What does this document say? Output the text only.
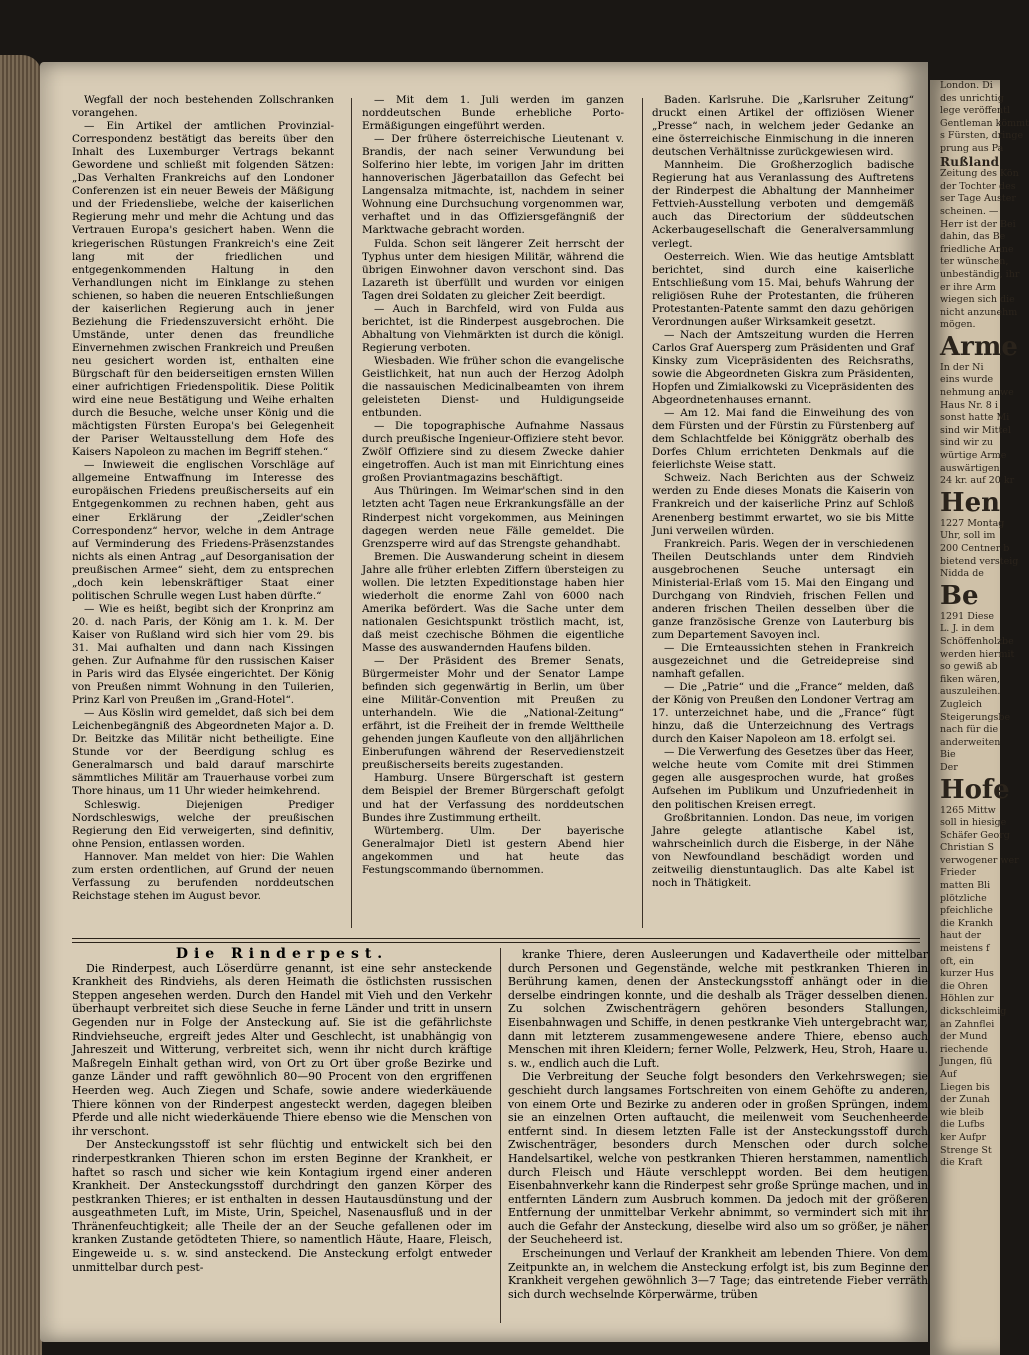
Wegfall der noch bestehenden Zollschranken vorangehen.

— Ein Artikel der amtlichen Provinzial-Correspondenz bestätigt das bereits über den Inhalt des Luxemburger Vertrags bekannt Gewordene und schließt mit folgenden Sätzen: „Das Verhalten Frankreichs auf den Londoner Conferenzen ist ein neuer Beweis der Mäßigung und der Friedensliebe, welche der kaiserlichen Regierung mehr und mehr die Achtung und das Vertrauen Europa's gesichert haben. Wenn die kriegerischen Rüstungen Frankreich's eine Zeit lang mit der friedlichen und entgegenkommenden Haltung in den Verhandlungen nicht im Einklange zu stehen schienen, so haben die neueren Entschließungen der kaiserlichen Regierung auch in jener Beziehung die Friedenszuversicht erhöht. Die Umstände, unter denen das freundliche Einvernehmen zwischen Frankreich und Preußen neu gesichert worden ist, enthalten eine Bürgschaft für den beiderseitigen ernsten Willen einer aufrichtigen Friedenspolitik. Diese Politik wird eine neue Bestätigung und Weihe erhalten durch die Besuche, welche unser König und die mächtigsten Fürsten Europa's bei Gelegenheit der Pariser Weltausstellung dem Hofe des Kaisers Napoleon zu machen im Begriff stehen.“

— Inwieweit die englischen Vorschläge auf allgemeine Entwaffnung im Interesse des europäischen Friedens preußischerseits auf ein Entgegenkommen zu rechnen haben, geht aus einer Erklärung der „Zeidler'schen Correspondenz“ hervor, welche in dem Antrage auf Verminderung des Friedens-Präsenzstandes nichts als einen Antrag „auf Desorganisation der preußischen Armee“ sieht, dem zu entsprechen „doch kein lebenskräftiger Staat einer politischen Schrulle wegen Lust haben dürfte.“

— Wie es heißt, begibt sich der Kronprinz am 20. d. nach Paris, der König am 1. k. M. Der Kaiser von Rußland wird sich hier vom 29. bis 31. Mai aufhalten und dann nach Kissingen gehen. Zur Aufnahme für den russischen Kaiser in Paris wird das Elysée eingerichtet. Der König von Preußen nimmt Wohnung in den Tuilerien, Prinz Karl von Preußen im „Grand-Hotel“.

— Aus Köslin wird gemeldet, daß sich bei dem Leichenbegängniß des Abgeordneten Major a. D. Dr. Beitzke das Militär nicht betheiligte. Eine Stunde vor der Beerdigung schlug es Generalmarsch und bald darauf marschirte sämmtliches Militär am Trauerhause vorbei zum Thore hinaus, um 11 Uhr wieder heimkehrend.

Schleswig. Diejenigen Prediger Nordschleswigs, welche der preußischen Regierung den Eid verweigerten, sind definitiv, ohne Pension, entlassen worden.

Hannover. Man meldet von hier: Die Wahlen zum ersten ordentlichen, auf Grund der neuen Verfassung zu berufenden norddeutschen Reichstage stehen im August bevor.

— Mit dem 1. Juli werden im ganzen norddeutschen Bunde erhebliche Porto-Ermäßigungen eingeführt werden.

— Der frühere österreichische Lieutenant v. Brandis, der nach seiner Verwundung bei Solferino hier lebte, im vorigen Jahr im dritten hannoverischen Jägerbataillon das Gefecht bei Langensalza mitmachte, ist, nachdem in seiner Wohnung eine Durchsuchung vorgenommen war, verhaftet und in das Offiziersgefängniß der Marktwache gebracht worden.

Fulda. Schon seit längerer Zeit herrscht der Typhus unter dem hiesigen Militär, während die übrigen Einwohner davon verschont sind. Das Lazareth ist überfüllt und wurden vor einigen Tagen drei Soldaten zu gleicher Zeit beerdigt.

— Auch in Barchfeld, wird von Fulda aus berichtet, ist die Rinderpest ausgebrochen. Die Abhaltung von Viehmärkten ist durch die königl. Regierung verboten.

Wiesbaden. Wie früher schon die evangelische Geistlichkeit, hat nun auch der Herzog Adolph die nassauischen Medicinalbeamten von ihrem geleisteten Dienst- und Huldigungseide entbunden.

— Die topographische Aufnahme Nassaus durch preußische Ingenieur-Offiziere steht bevor. Zwölf Offiziere sind zu diesem Zwecke dahier eingetroffen. Auch ist man mit Einrichtung eines großen Proviantmagazins beschäftigt.

Aus Thüringen. Im Weimar'schen sind in den letzten acht Tagen neue Erkrankungsfälle an der Rinderpest nicht vorgekommen, aus Meiningen dagegen werden neue Fälle gemeldet. Die Grenzsperre wird auf das Strengste gehandhabt.

Bremen. Die Auswanderung scheint in diesem Jahre alle früher erlebten Ziffern übersteigen zu wollen. Die letzten Expeditionstage haben hier wiederholt die enorme Zahl von 6000 nach Amerika befördert. Was die Sache unter dem nationalen Gesichtspunkt tröstlich macht, ist, daß meist czechische Böhmen die eigentliche Masse des auswandernden Haufens bilden.

— Der Präsident des Bremer Senats, Bürgermeister Mohr und der Senator Lampe befinden sich gegenwärtig in Berlin, um über eine Militär-Convention mit Preußen zu unterhandeln. Wie die „National-Zeitung“ erfährt, ist die Freiheit der in fremde Welttheile gehenden jungen Kaufleute von den alljährlichen Einberufungen während der Reservedienstzeit preußischerseits bereits zugestanden.

Hamburg. Unsere Bürgerschaft ist gestern dem Beispiel der Bremer Bürgerschaft gefolgt und hat der Verfassung des norddeutschen Bundes ihre Zustimmung ertheilt.

Würtemberg. Ulm. Der bayerische Generalmajor Dietl ist gestern Abend hier angekommen und hat heute das Festungscommando übernommen.

Baden. Karlsruhe. Die „Karlsruher Zeitung“ druckt einen Artikel der offiziösen Wiener „Presse“ nach, in welchem jeder Gedanke an eine österreichische Einmischung in die inneren deutschen Verhältnisse zurückgewiesen wird.

Mannheim. Die Großherzoglich badische Regierung hat aus Veranlassung des Auftretens der Rinderpest die Abhaltung der Mannheimer Fettvieh-Ausstellung verboten und demgemäß auch das Directorium der süddeutschen Ackerbaugesellschaft die Generalversammlung verlegt.

Oesterreich. Wien. Wie das heutige Amtsblatt berichtet, sind durch eine kaiserliche Entschließung vom 15. Mai, behufs Wahrung der religiösen Ruhe der Protestanten, die früheren Protestanten-Patente sammt den dazu gehörigen Verordnungen außer Wirksamkeit gesetzt.

— Nach der Amtszeitung wurden die Herren Carlos Graf Auersperg zum Präsidenten und Graf Kinsky zum Vicepräsidenten des Reichsraths, sowie die Abgeordneten Giskra zum Präsidenten, Hopfen und Zimialkowski zu Vicepräsidenten des Abgeordnetenhauses ernannt.

— Am 12. Mai fand die Einweihung des von dem Fürsten und der Fürstin zu Fürstenberg auf dem Schlachtfelde bei Königgrätz oberhalb des Dorfes Chlum errichteten Denkmals auf die feierlichste Weise statt.

Schweiz. Nach Berichten aus der Schweiz werden zu Ende dieses Monats die Kaiserin von Frankreich und der kaiserliche Prinz auf Schloß Arenenberg bestimmt erwartet, wo sie bis Mitte Juni verweilen würden.

Frankreich. Paris. Wegen der in verschiedenen Theilen Deutschlands unter dem Rindvieh ausgebrochenen Seuche untersagt ein Ministerial-Erlaß vom 15. Mai den Eingang und Durchgang von Rindvieh, frischen Fellen und anderen frischen Theilen desselben über die ganze französische Grenze von Lauterburg bis zum Departement Savoyen incl.

— Die Ernteaussichten stehen in Frankreich ausgezeichnet und die Getreidepreise sind namhaft gefallen.

— Die „Patrie“ und die „France“ melden, daß der König von Preußen den Londoner Vertrag am 17. unterzeichnet habe, und die „France“ fügt hinzu, daß die Unterzeichnung des Vertrags durch den Kaiser Napoleon am 18. erfolgt sei.

— Die Verwerfung des Gesetzes über das Heer, welche heute vom Comite mit drei Stimmen gegen alle ausgesprochen wurde, hat großes Aufsehen im Publikum und Unzufriedenheit in den politischen Kreisen erregt.

Großbritannien. London. Das neue, im vorigen Jahre gelegte atlantische Kabel ist, wahrscheinlich durch die Eisberge, in der Nähe von Newfoundland beschädigt worden und zeitweilig dienstuntauglich. Das alte Kabel ist noch in Thätigkeit.

Die Rinderpest.

Die Rinderpest, auch Löserdürre genannt, ist eine sehr ansteckende Krankheit des Rindviehs, als deren Heimath die östlichsten russischen Steppen angesehen werden. Durch den Handel mit Vieh und den Verkehr überhaupt verbreitet sich diese Seuche in ferne Länder und tritt in unsern Gegenden nur in Folge der Ansteckung auf. Sie ist die gefährlichste Rindviehseuche, ergreift jedes Alter und Geschlecht, ist unabhängig von Jahreszeit und Witterung, verbreitet sich, wenn ihr nicht durch kräftige Maßregeln Einhalt gethan wird, von Ort zu Ort über große Bezirke und ganze Länder und rafft gewöhnlich 80—90 Procent von den ergriffenen Heerden weg. Auch Ziegen und Schafe, sowie andere wiederkäuende Thiere können von der Rinderpest angesteckt werden, dagegen bleiben Pferde und alle nicht wiederkäuende Thiere ebenso wie die Menschen von ihr verschont.

Der Ansteckungsstoff ist sehr flüchtig und entwickelt sich bei den rinderpestkranken Thieren schon im ersten Beginne der Krankheit, er haftet so rasch und sicher wie kein Kontagium irgend einer anderen Krankheit. Der Ansteckungsstoff durchdringt den ganzen Körper des pestkranken Thieres; er ist enthalten in dessen Hautausdünstung und der ausgeathmeten Luft, im Miste, Urin, Speichel, Nasenausfluß und in der Thränenfeuchtigkeit; alle Theile der an der Seuche gefallenen oder im kranken Zustande getödteten Thiere, so namentlich Häute, Haare, Fleisch, Eingeweide u. s. w. sind ansteckend. Die Ansteckung erfolgt entweder unmittelbar durch pest-

kranke Thiere, deren Ausleerungen und Kadavertheile oder mittelbar durch Personen und Gegenstände, welche mit pestkranken Thieren in Berührung kamen, denen der Ansteckungsstoff anhängt oder in die derselbe eindringen konnte, und die deshalb als Träger desselben dienen. Zu solchen Zwischenträgern gehören besonders Stallungen, Eisenbahnwagen und Schiffe, in denen pestkranke Vieh untergebracht war, dann mit letzterem zusammengewesene andere Thiere, ebenso auch Menschen mit ihren Kleidern; ferner Wolle, Pelzwerk, Heu, Stroh, Haare u. s. w., endlich auch die Luft.

Die Verbreitung der Seuche folgt besonders den Verkehrswegen; sie geschieht durch langsames Fortschreiten von einem Gehöfte zu anderen, von einem Orte und Bezirke zu anderen oder in großen Sprüngen, indem sie an einzelnen Orten auftaucht, die meilenweit vom Seuchenheerde entfernt sind. In diesem letzten Falle ist der Ansteckungsstoff durch Zwischenträger, besonders durch Menschen oder durch solche Handelsartikel, welche von pestkranken Thieren herstammen, namentlich durch Fleisch und Häute verschleppt worden. Bei dem heutigen Eisenbahnverkehr kann die Rinderpest sehr große Sprünge machen, und in entfernten Ländern zum Ausbruch kommen. Da jedoch mit der größeren Entfernung der unmittelbar Verkehr abnimmt, so vermindert sich mit ihr auch die Gefahr der Ansteckung, dieselbe wird also um so größer, je näher der Seucheheerd ist.

Erscheinungen und Verlauf der Krankheit am lebenden Thiere. Von dem Zeitpunkte an, in welchem die Ansteckung erfolgt ist, bis zum Beginne der Krankheit vergehen gewöhnlich 3—7 Tage; das eintretende Fieber verräth sich durch wechselnde Körperwärme, trüben

London. Di

des unrichtig

lege veröffentl

Gentleman kömmt

s Fürsten, dringe

prung aus Pa

Rußland

Zeitung des Kön

der Tochter des

ser Tage Auster

scheinen. —

Herr ist der Bei

dahin, das Be

friedliche Anne

ter wünschen,

unbeständig, ihr

er ihre Arm

wiegen sich die

nicht anzunehm

mögen.

Arme

In der Ni

eins wurde

nehmung anwe

Haus Nr. 8 i

sonst hatte Mi

sind wir Mittel

sind wir zu

würtige Arme

auswärtigen

24 kr. auf 20 kr

Hen

1227 Montag

Uhr, soll im

200 Centner b

bietend versteig

Nidda de

Be

1291 Diese

L. J. in dem

Schöffenholzbe

werden hiermit

so gewiß ab

fiken wären,

auszuleihen.

Zugleich

Steigerungsbe

nach für die

anderweiten

Bie

Der

Hofe

1265 Mittw

soll in hiesige

Schäfer Georg

Christian S

verwogener wer

Frieder

matten Bli

plötzliche

pfeichliche

die Krankh

haut der

meistens f

oft, ein

kurzer Hus

die Ohren

Höhlen zur

dickschleimig

an Zahnflei

der Mund

riechende

Jungen, flü

Auf

Liegen bis

der Zunah

wie bleib

die Lufbs

ker Aufpr

Strenge St

die Kraft
